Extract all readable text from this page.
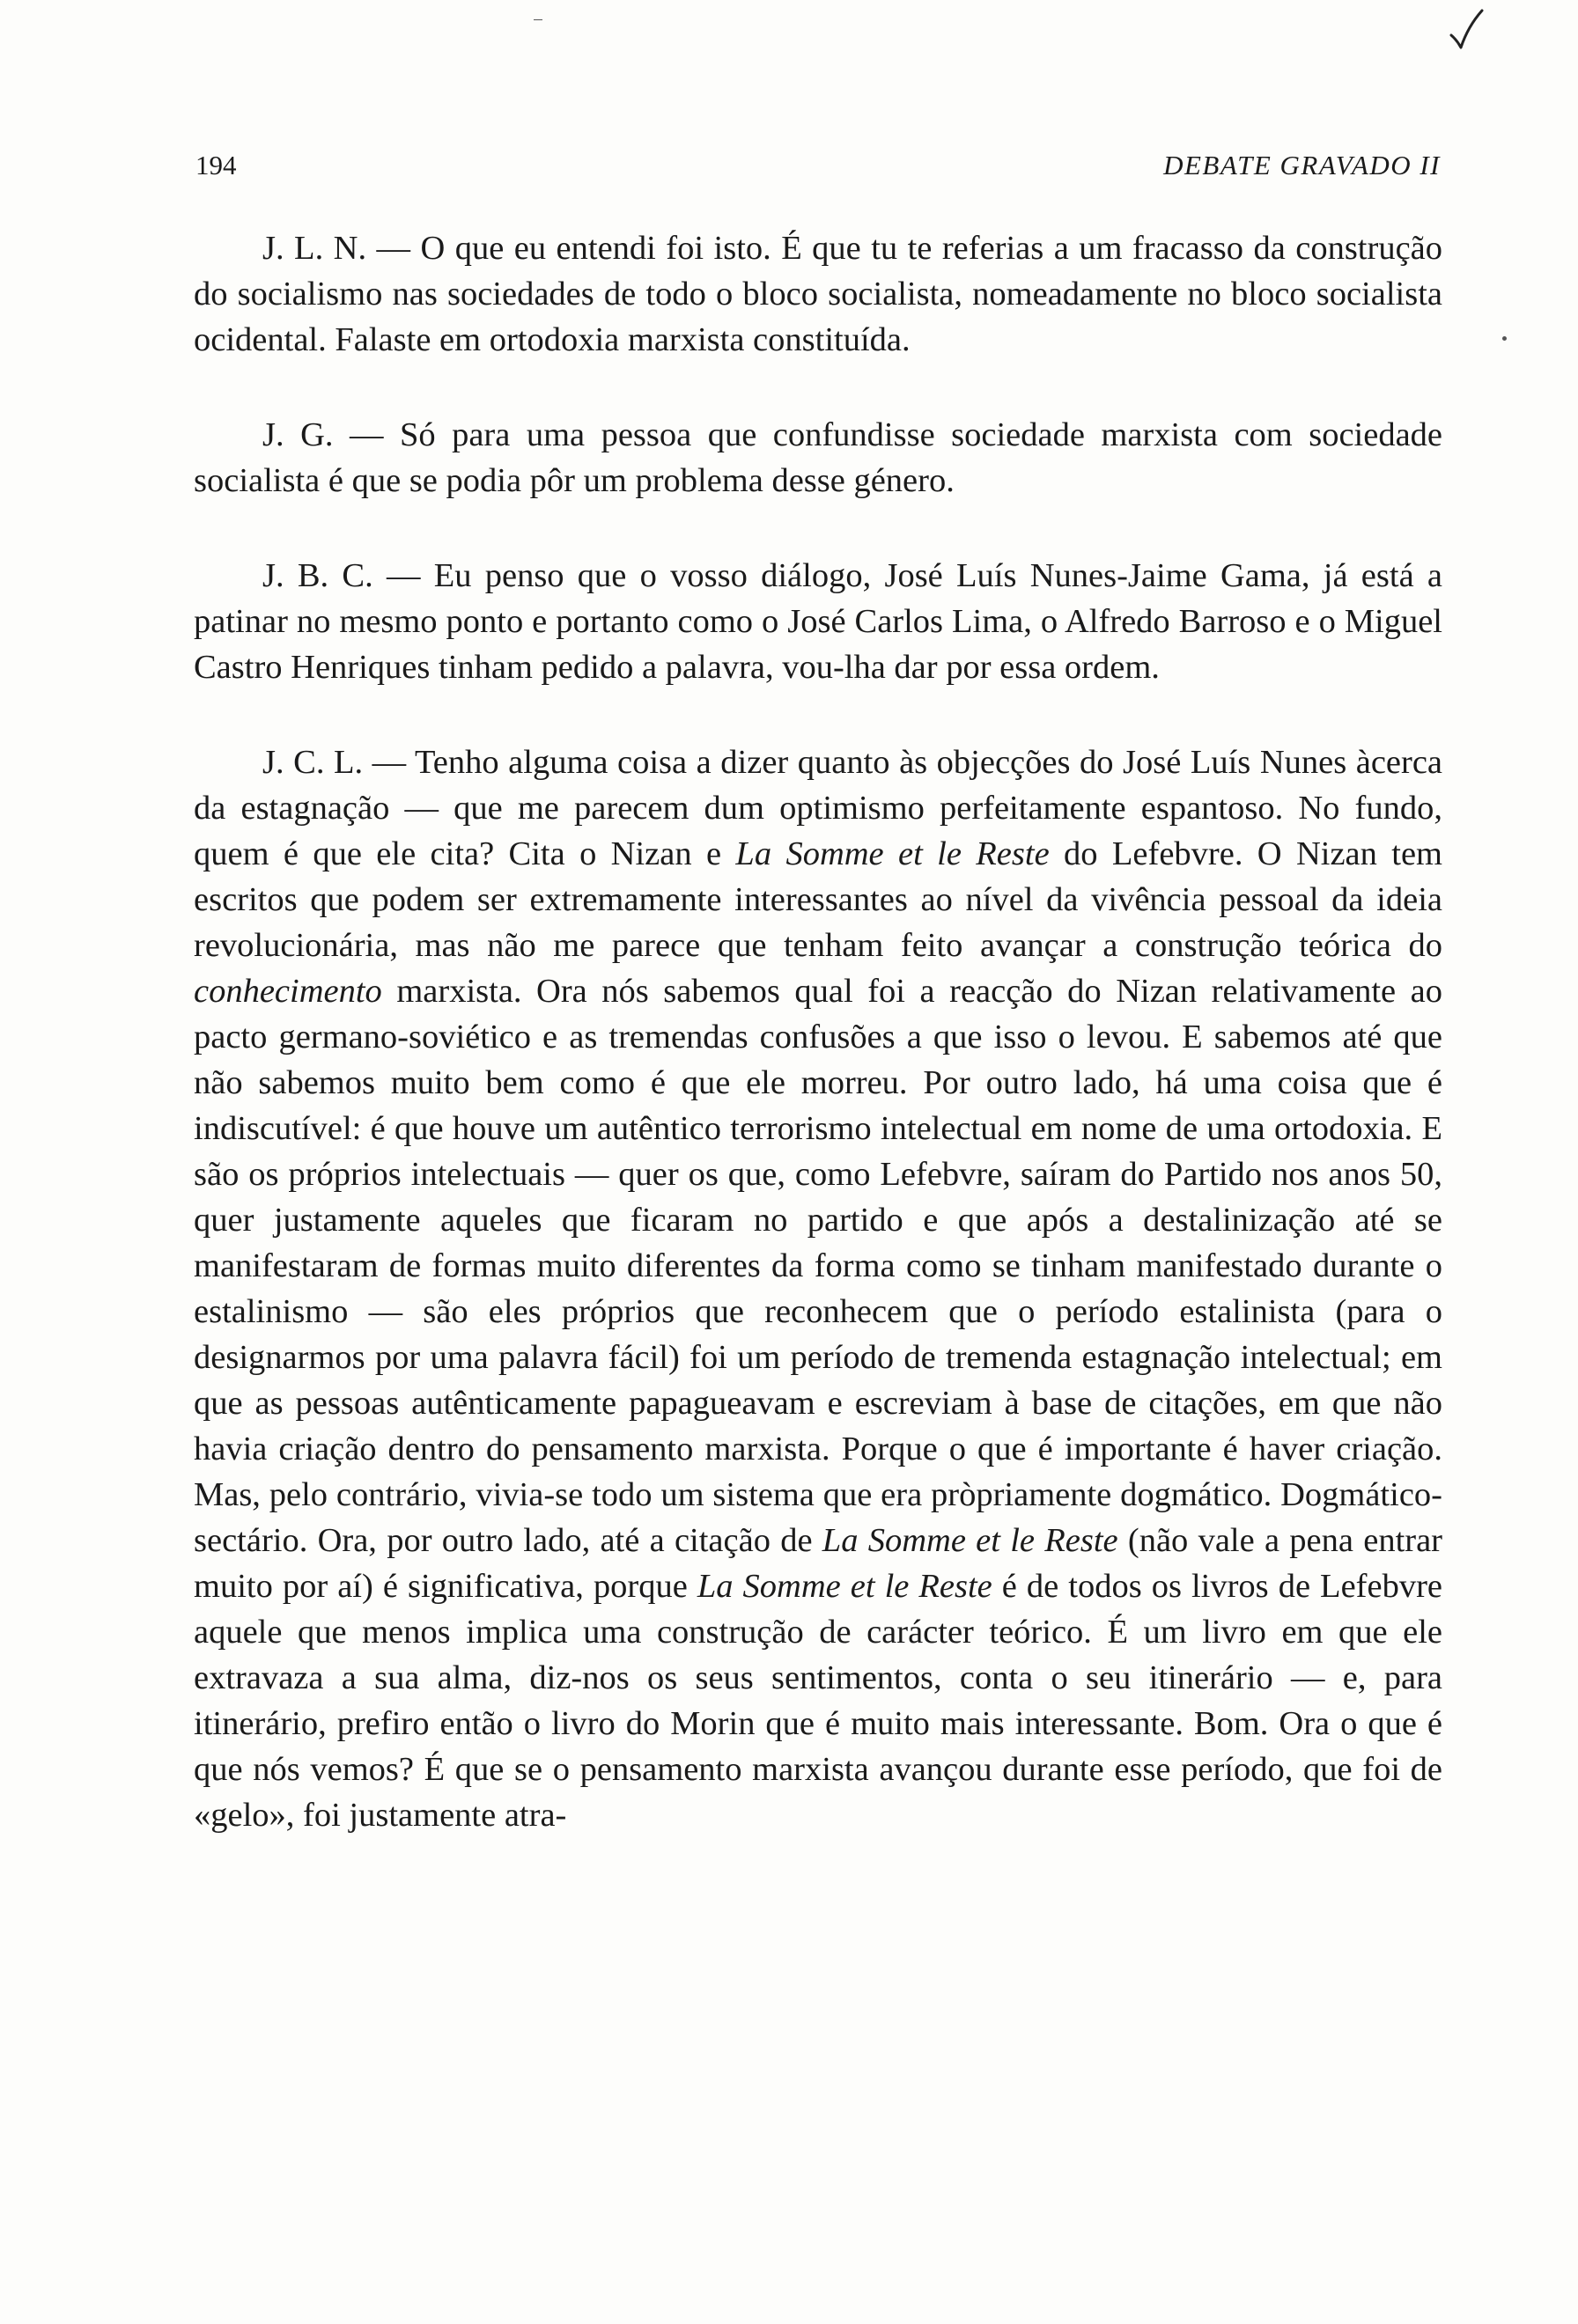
194	DEBATE GRAVADO II

J. L. N. — O que eu entendi foi isto. É que tu te referias a um fracasso da construção do socialismo nas sociedades de todo o bloco socialista, nomeadamente no bloco socialista ocidental. Falaste em ortodoxia marxista constituída.

J. G. — Só para uma pessoa que confundisse sociedade marxista com sociedade socialista é que se podia pôr um problema desse género.

J. B. C. — Eu penso que o vosso diálogo, José Luís Nunes-Jaime Gama, já está a patinar no mesmo ponto e portanto como o José Carlos Lima, o Alfredo Barroso e o Miguel Castro Henriques tinham pedido a palavra, vou-lha dar por essa ordem.

J. C. L. — Tenho alguma coisa a dizer quanto às objecções do José Luís Nunes àcerca da estagnação — que me parecem dum optimismo perfeitamente espantoso. No fundo, quem é que ele cita? Cita o Nizan e La Somme et le Reste do Lefebvre. O Nizan tem escritos que podem ser extremamente interessantes ao nível da vivência pessoal da ideia revolucionária, mas não me parece que tenham feito avançar a construção teórica do conhecimento marxista. Ora nós sabemos qual foi a reacção do Nizan relativamente ao pacto germano-soviético e as tremendas confusões a que isso o levou. E sabemos até que não sabemos muito bem como é que ele morreu. Por outro lado, há uma coisa que é indiscutível: é que houve um autêntico terrorismo intelectual em nome de uma ortodoxia. E são os próprios intelectuais — quer os que, como Lefebvre, saíram do Partido nos anos 50, quer justamente aqueles que ficaram no partido e que após a destalinização até se manifestaram de formas muito diferentes da forma como se tinham manifestado durante o estalinismo — são eles próprios que reconhecem que o período estalinista (para o designarmos por uma palavra fácil) foi um período de tremenda estagnação intelectual; em que as pessoas autênticamente papagueavam e escreviam à base de citações, em que não havia criação dentro do pensamento marxista. Porque o que é importante é haver criação. Mas, pelo contrário, vivia-se todo um sistema que era pròpriamente dogmático. Dogmático-sectário. Ora, por outro lado, até a citação de La Somme et le Reste (não vale a pena entrar muito por aí) é significativa, porque La Somme et le Reste é de todos os livros de Lefebvre aquele que menos implica uma construção de carácter teórico. É um livro em que ele extravaza a sua alma, diz-nos os seus sentimentos, conta o seu itinerário — e, para itinerário, prefiro então o livro do Morin que é muito mais interessante. Bom. Ora o que é que nós vemos? É que se o pensamento marxista avançou durante esse período, que foi de «gelo», foi justamente atra-
